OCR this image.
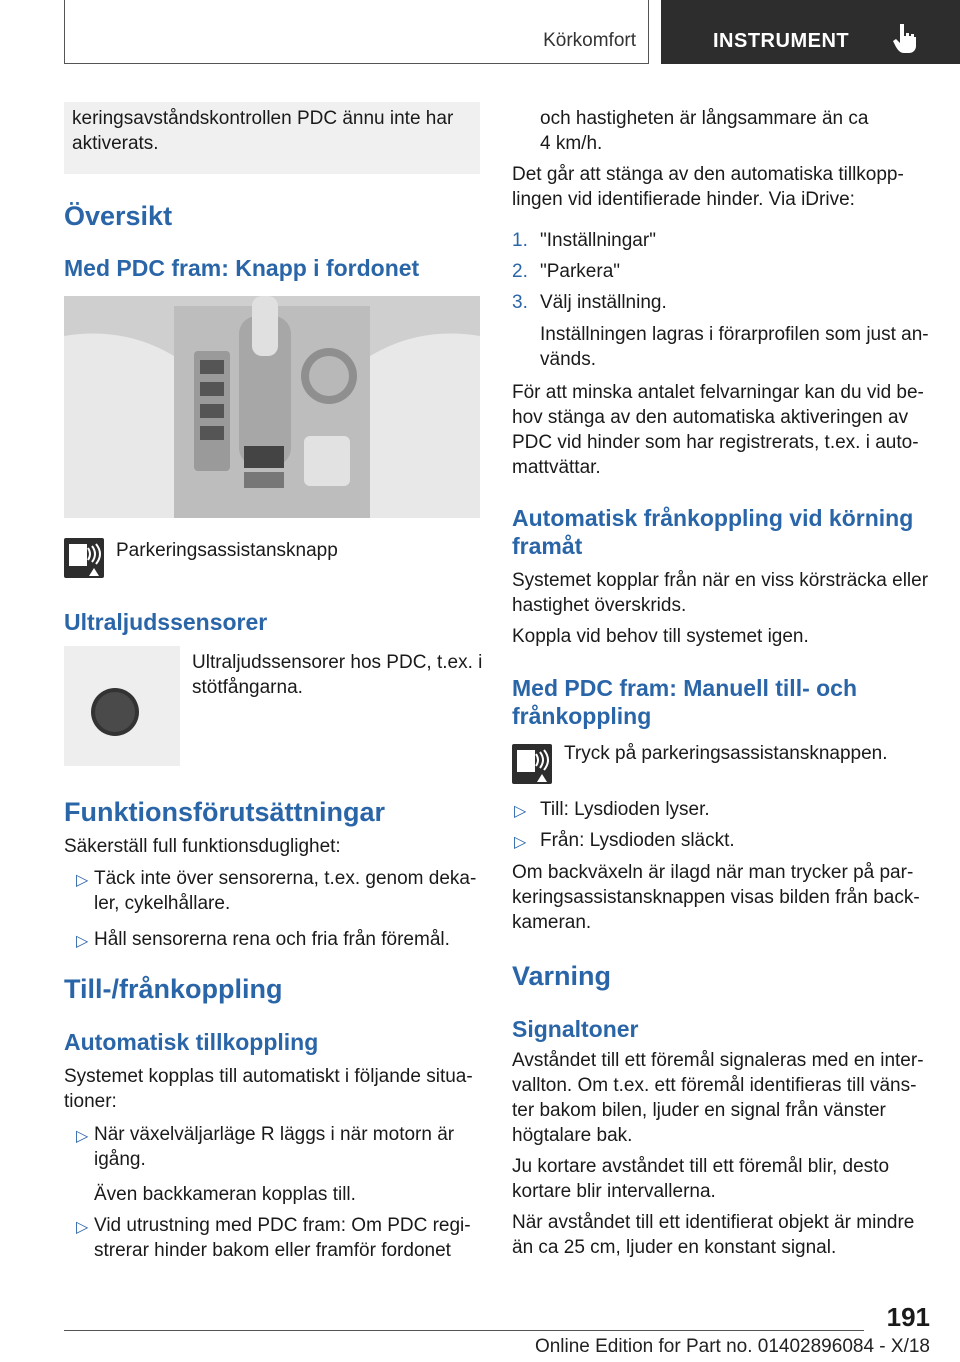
Körkomfort	INSTRUMENT

keringsavståndskontrollen PDC ännu inte har

aktiverats.

Översikt
Med PDC fram: Knapp i fordonet
Parkeringsassistansknapp
Ultraljudssensorer

Ultraljudssensorer hos PDC, t.ex. i

stötfångarna.

Funktionsförutsättningar
Säkerställ full funktionsduglighet:
▷ Täck inte över sensorerna, t.ex. genom deka-

ler, cykelhållare.

▷ Håll sensorerna rena och fria från föremål.
Till-/frånkoppling
Automatisk tillkoppling

Systemet kopplas till automatiskt i följande situa-

tioner:

▷ När växelväljarläge R läggs i när motorn är

igång.

Även backkameran kopplas till.

▷ Vid utrustning med PDC fram: Om PDC regi-

strerar hinder bakom eller framför fordonet

och hastigheten är långsammare än ca

4 km/h.

Det går att stänga av den automatiska tillkopp-

lingen vid identifierade hinder. Via iDrive:

1. "Inställningar"
2. "Parkera"
3. Välj inställning.

Inställningen lagras i förarprofilen som just an-

vänds.

För att minska antalet felvarningar kan du vid be-

hov stänga av den automatiska aktiveringen av

PDC vid hinder som har registrerats, t.ex. i auto-

mattvättar.

Automatisk frånkoppling vid körning
framåt

Systemet kopplar från när en viss körsträcka eller

hastighet överskrids.

Koppla vid behov till systemet igen.
Med PDC fram: Manuell till- och
frånkoppling
Tryck på parkeringsassistansknappen.
▷ Till: Lysdioden lyser.
▷ Från: Lysdioden släckt.

Om backväxeln är ilagd när man trycker på par-

keringsassistansknappen visas bilden från back-

kameran.

Varning
Signaltoner

Avståndet till ett föremål signaleras med en inter-

vallton. Om t.ex. ett föremål identifieras till väns-

ter bakom bilen, ljuder en signal från vänster

högtalare bak.

Ju kortare avståndet till ett föremål blir, desto

kortare blir intervallerna.

När avståndet till ett identifierat objekt är mindre

än ca 25 cm, ljuder en konstant signal.

191
Online Edition for Part no. 01402896084 - X/18
